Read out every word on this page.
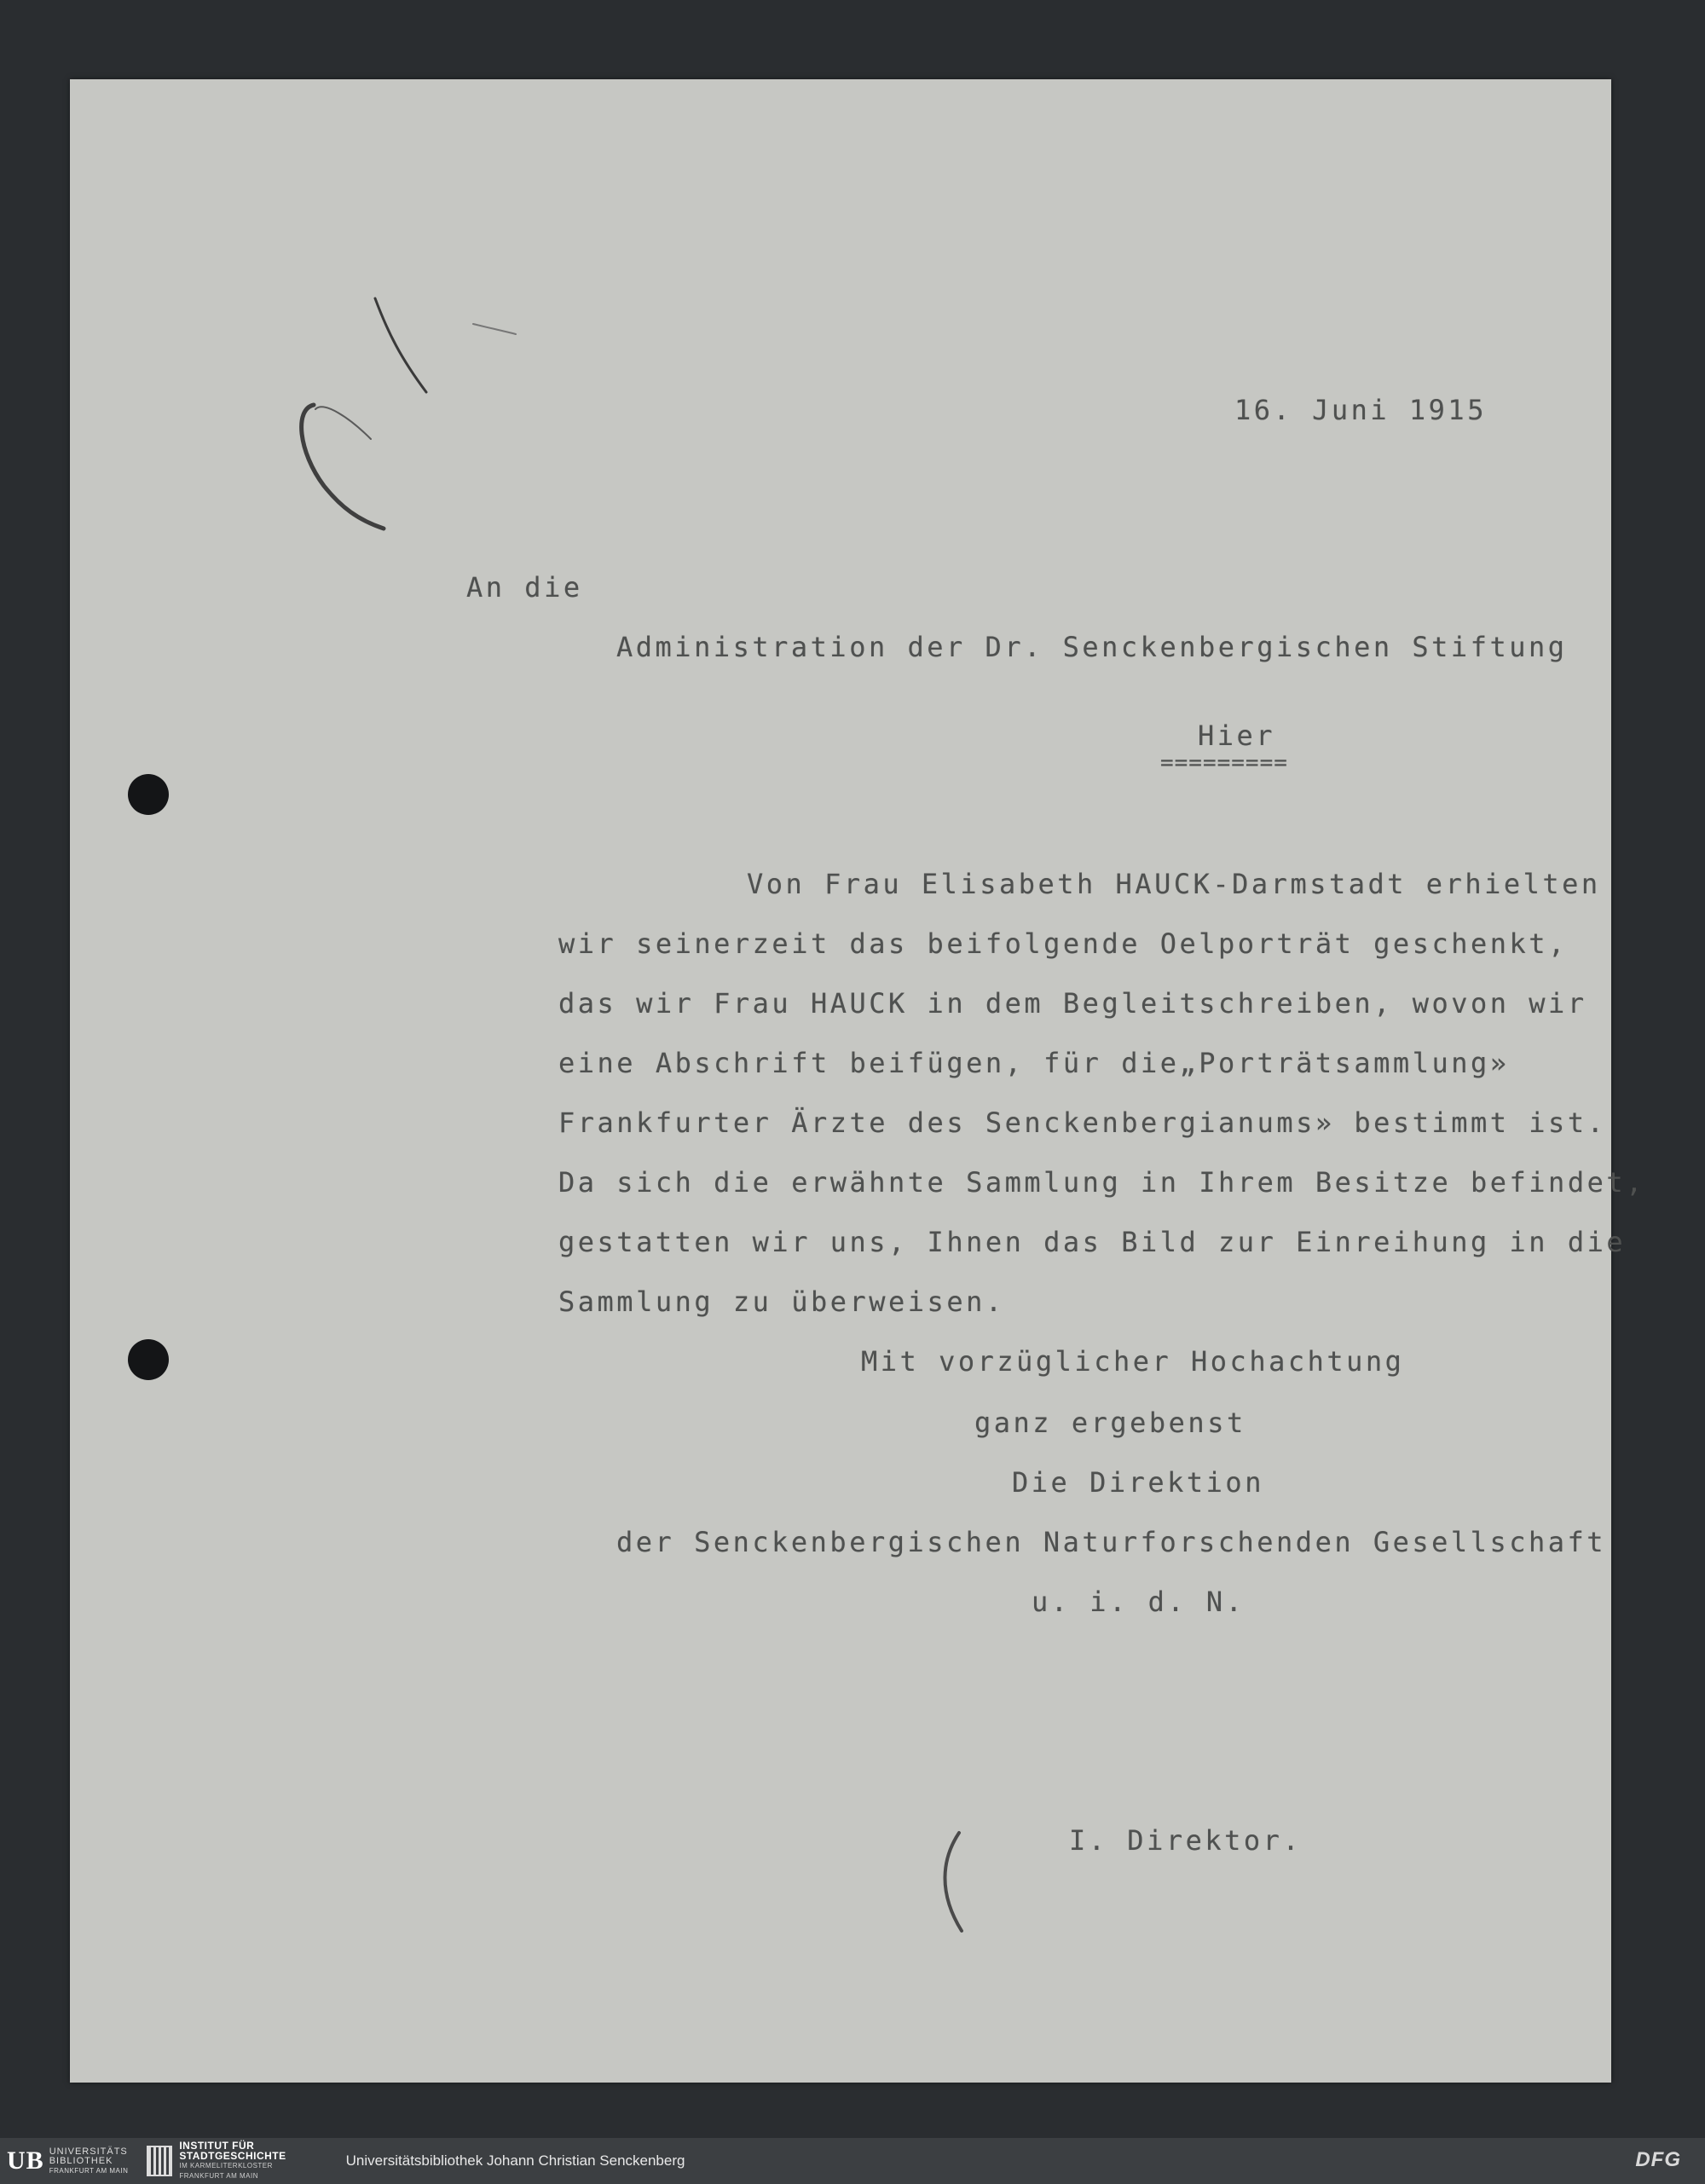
16. Juni 1915
An die
Administration der Dr. Senckenbergischen Stiftung
Hier
=========
Von Frau Elisabeth HAUCK-Darmstadt erhielten
wir seinerzeit das beifolgende Oelporträt geschenkt,
das wir Frau HAUCK in dem Begleitschreiben, wovon wir
eine Abschrift beifügen, für die„Porträtsammlung»
Frankfurter Ärzte des Senckenbergianums» bestimmt ist.
Da sich die erwähnte Sammlung in Ihrem Besitze befindet,
gestatten wir uns, Ihnen das Bild zur Einreihung in die
Sammlung zu überweisen.
Mit vorzüglicher Hochachtung
ganz ergebenst
Die Direktion
der Senckenbergischen Naturforschenden Gesellschaft
u. i. d. N.
I. Direktor.
UB UNIVERSITÄTS
BIBLIOTHEK
FRANKFURT AM MAIN
INSTITUT FÜR
STADTGESCHICHTE
IM KARMELITERKLOSTER
FRANKFURT AM MAIN
Universitätsbibliothek Johann Christian Senckenberg	DFG
